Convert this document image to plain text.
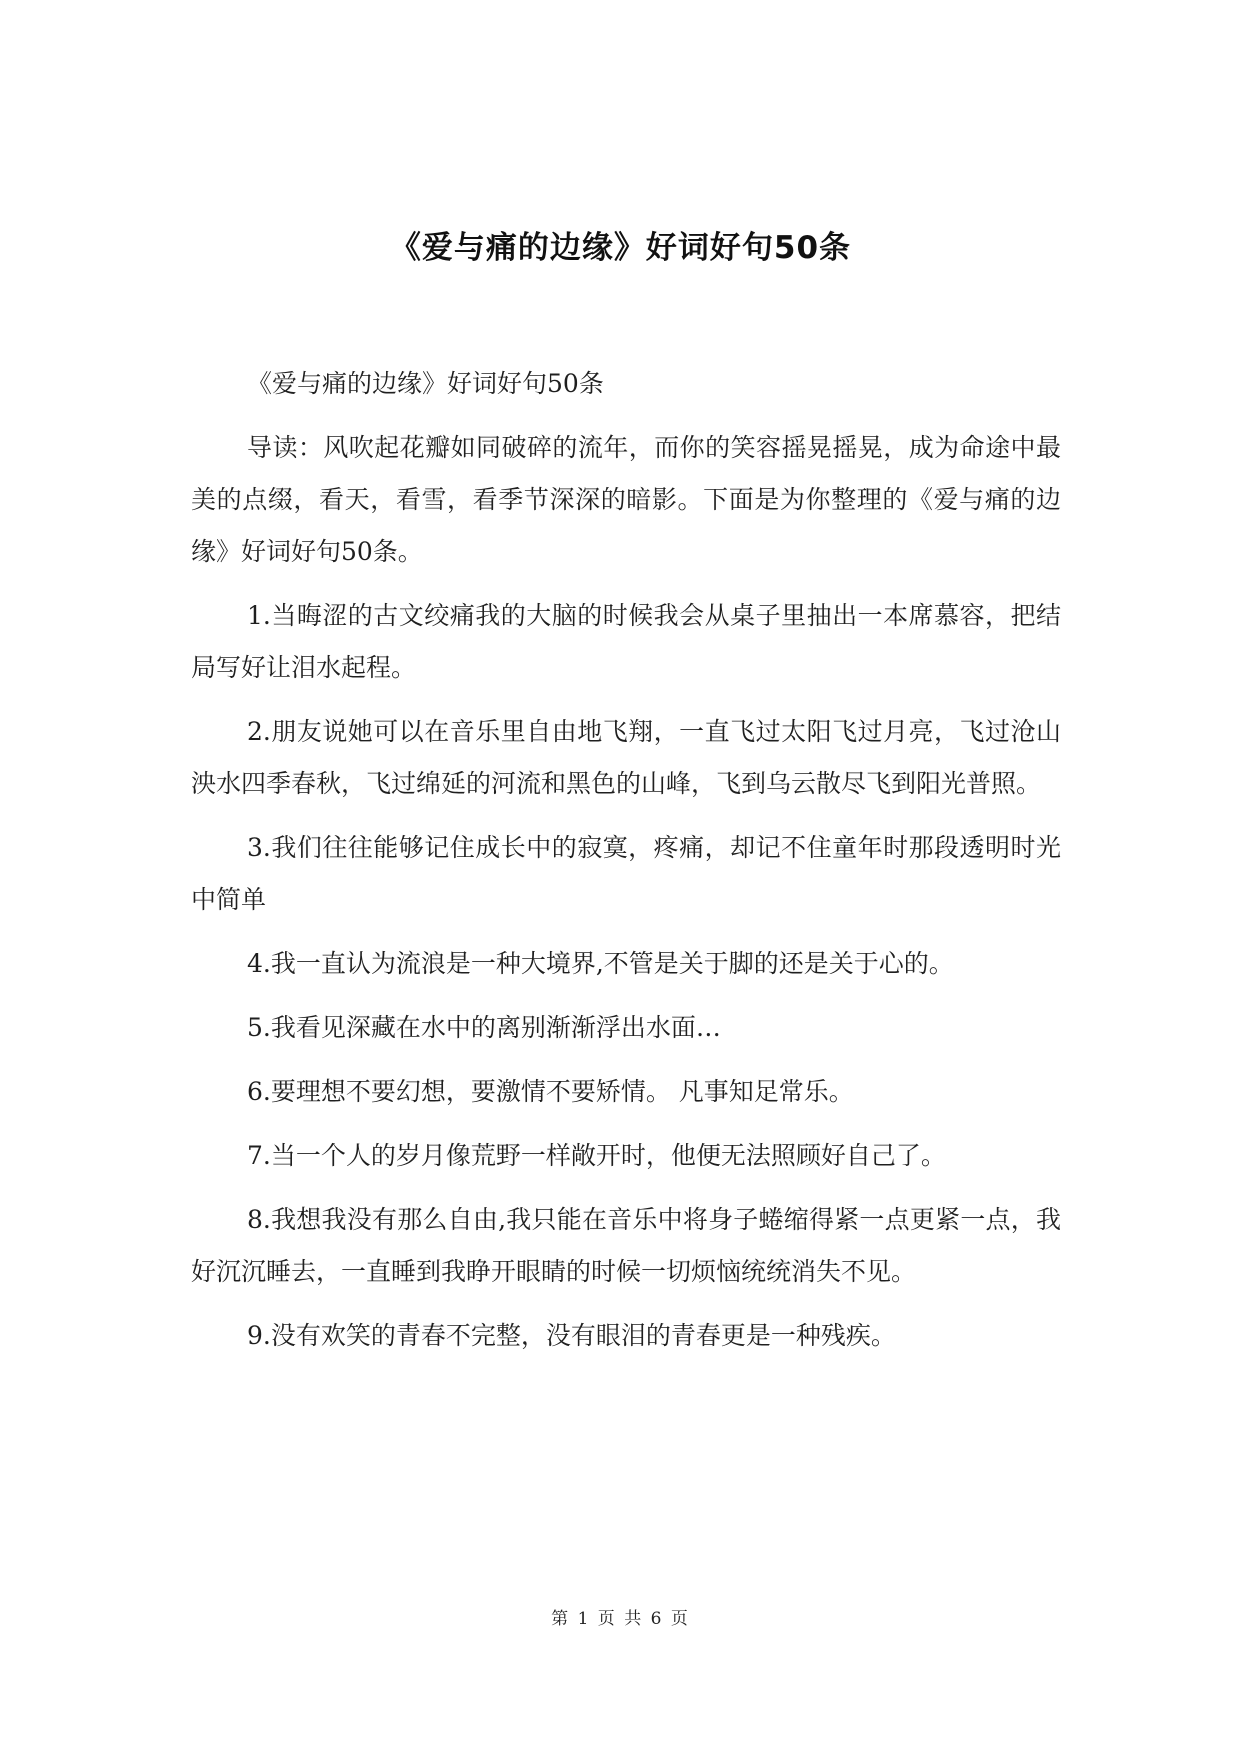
《爱与痛的边缘》好词好句50条

《爱与痛的边缘》好词好句50条

导读：风吹起花瓣如同破碎的流年，而你的笑容摇晃摇晃，成为命途中最美的点缀，看天，看雪，看季节深深的暗影。下面是为你整理的《爱与痛的边缘》好词好句50条。

1.当晦涩的古文绞痛我的大脑的时候我会从桌子里抽出一本席慕容，把结局写好让泪水起程。

2.朋友说她可以在音乐里自由地飞翔，一直飞过太阳飞过月亮，飞过沧山泱水四季春秋，飞过绵延的河流和黑色的山峰，飞到乌云散尽飞到阳光普照。

3.我们往往能够记住成长中的寂寞，疼痛，却记不住童年时那段透明时光中简单

4.我一直认为流浪是一种大境界,不管是关于脚的还是关于心的。

5.我看见深藏在水中的离别渐渐浮出水面…

6.要理想不要幻想，要激情不要矫情。 凡事知足常乐。

7.当一个人的岁月像荒野一样敞开时，他便无法照顾好自己了。

8.我想我没有那么自由,我只能在音乐中将身子蜷缩得紧一点更紧一点，我好沉沉睡去，一直睡到我睁开眼睛的时候一切烦恼统统消失不见。

9.没有欢笑的青春不完整，没有眼泪的青春更是一种残疾。

第 1 页 共 6 页
